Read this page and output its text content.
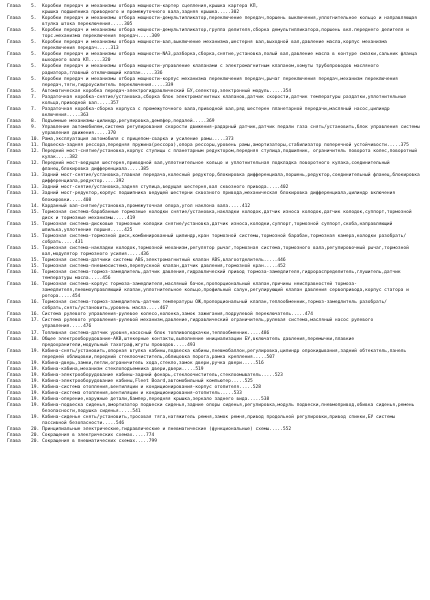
Глава	5.	Коробки передач и механизмы отбора мощности-картер сцепления,крышка картера КП,
крышка подшипника приводного и промежуточного вала,задняя крышка.....302
Глава	5.	Коробки передач и механизмы отбора мощности-демультипликатор,переключение передач,поршень выключения,уплотнительное кольцо и направляющая втулка штока переключения.....305
Глава	5.	Коробки передач и механизмы отбора мощности-демультипликатор,группа делителя,сборка демультипликатора,поршень вкл.переднего делителя и торс.механизма переключения передач.....309
Глава	5.	Коробки передач и механизмы отбора мощности-вал,выключение механизма,шестерня вал,выходной вал,давление масла,корпус механизма переключения передач.....313
Глава	5.	Коробки передач и механизмы отбора мощности-NA3,разборка,сборка,снятие,установка,полый вал,давление масла в контуре смазки,сальник фланца выходного вала КП.....320
Глава	5.	Коробки передач и механизмы отбора мощности-управление клапанами с электромагнитным клапаном,хомуты трубопроводов масляного радиатора,главный отключающий клапан.....336
Глава	5.	Коробки передач и механизмы отбора мощности-корпус механизма переключения передач,рычаг переключения передач,механизм переключения передач,тяги,гидроусилитель переключения.....339
Глава	5.	Автоматическая коробка передач-электрогидравлический БУ,селектор,электронный модуль.....354
Глава	7.	Раздаточная коробка-снятие/установка,сборка блок электромагнитных клапанов,датчик скорости,датчик температуры раздатки,уплотнительные кольца,приводной вал.....357
Глава	7.	Раздаточная коробка-сборка корпуса с промежуточного вала,приводной вал,ряд шестерен планетарной передачи,масляный насос,цилиндр включения.....363
Глава	8.	Подъемные механизмы-цилиндр,регулировка,демпфер,педалей.....369
Глава	9.	Управление автомобилем,система регулирования скорости движения-радарный датчик,датчик педали газа снять/установить,блок управления системы управления движения.....370
Глава	10. Рама,эксплуатация автомобиля с прицепом-сварка и усиление рамы.....373
Глава	11. Подвеска-задняя рессора,передняя пружина(рессора),опора рессоры,уровень рамы,амортизаторы,стабилизатор поперечной устойчивости.....375
Глава	12. Передний мост-снятие/установка,корпус ступицы с планетарным редуктором,передняя ступица,подшипник, ограничитель поворота колес,поворотный кулак.....382
Глава	12. Передний мост-ведущая шестерня,приводной вал,уплотнительное кольцо и уплотнительная подкладка поворотного кулака,соединительный фланец,блокировка дифференциала.....385
Глава	13. Задний мост-снятие/установка,главная передача,колесный редуктор,блокировка дифференциала,поршень,редуктор,соединительный фланец,блокировка дифференциала,редуктор.....392
Глава	13. Задний мост-снятие/установка,задняя ступица,ведущая шестерня,вал сквозного привода.....402
Глава	13. Задний мост-редуктор,корпус подшипника ведущей шестерни сквозного привода,механическая блокировка дифференциала,цилиндр включения блокировки.....408
Глава	14. Карданный вал-снятие/установка,промежуточная опора,угол наклона вала.....412
Глава	15. Тормозная система-барабанные тормозные колодки снятие/установка,накладки колодок,датчик износа колодок,датчик колодок,суппорт,тормозной диск и тормозные механизмы.....419
Глава	15. Тормозная система-дисковые тормозные колодки снятие/установка,датчик износа,колодки,суппорт,тормозной суппорт,скоба,направляющий шпилька,уплотнение поршня.....425
Глава	15. Тормозная система-тормозной диск,комбинированный цилиндр,кран тормозной системы,тормозной барабан,тормозная камера,колодки разобрать/собрать.....431
Глава	15. Тормозная система-накладки колодок,тормозной механизм,регулятор рычаг,тормозная система,тормозного вала,регулировочный рычаг,тормозной вал,модулятор тормозного усилия.....436
Глава	15. Тормозная система-датчики системы ABS,электромагнитный клапан ABS,влагоотделитель.....446
Глава	15. Тормозная система-пневмосистема,перепускной клапан,датчик давления,тормозной кран.....452
Глава	16. Тормозная система-тормоз-замедлитель,датчик давления,гидравлический привод тормоза-замедлителя,гидрораспределитель,глушитель,датчик температуры масла.....456
Глава	16. Тормозная система-корпус тормоза-замедлителя,масляный бачок,пропорциональный клапан,причины неисправностей тормоза-замедлителя,пневмоуправляющий клапан,уплотнительное кольцо,профильный салун,регулирующий клапан давления сервопривода,корпус статора и ротора.....454
Глава	16. Тормозная система-тормоз-замедлитель-датчик температуры ОЖ,пропорциональный клапан,теплообменник,тормоз-замедлитель разобрать/собрать,снять/установить,уровень масла.....467
Глава	16. Система рулевого управления-рулевое колесо,колонка,замок зажигания,подрулевой переключатель.....474
Глава	17. Система рулевого управления-рулевой механизм,давление,гидравлический ограничитель,рулевая система,масляный насос рулевого управления.....476
Глава	17. Топливная система-датчик уровня,насосный блок топливоподкачки,теплообменник.....486
Глава	18. Общее электрооборудование-AKB,штекерные контакты,выполнение инициализации БУ,включатель давления,перемычки,плавкие предохранители,модульный тахограф,жгуты проводов.....493
Глава	19. Кабина-снять/установить,опорная втулка кабины,подвеска кабины,пневмобаллон,регулировка,цилиндр опрокидывания,задний обтекатель,панель передней облицовки,передний стеклоочиститель,облицовка порога,рамка крепления.....507
Глава	19. Кабина-дверь,замки,петли,ограничитель хода,стекло,замок двери,ручка двери.....516
Глава	19. Кабина-кабина,механизм стеклоподъемника двери,двери.....519
Глава	19. Кабина-электрооборудование кабины-задний фонарь,стеклоочиститель,стеклоомыватель.....523
Глава	19. Кабина-электрооборудование кабины,Fleet Board,автомобильный компьютер.....525
Глава	19. Кабина-система отопления,вентиляции и кондиционирования-корпус отопителя.....528
Глава	19. Кабина-система отопления,вентиляции и кондиционирования-отопитель.....533
Глава	19. Кабина-оперение,наружные детали,бампер,передняя крышка,зеркало заднего вида.....538
Глава	19. Кабина-подвеска сиденья,амортизатор подвески сиденья,задние опоры сиденья,регулировка,модуль подвески,пневмопривод,обивка сиденья,ремень безопасности,подушка сиденья.....541
Глава	19. Кабина-сиденье снять/установить,тросовая тяга,натяжитель ремня,замок ремня,привод продольной регулировки,привод спинки,БУ системы пассивной безопасности.....546
Глава	20. Принципиальные электрические,гидравлические и пневматические (функциональные) схемы.....552
Глава	20. Сокращения в электрических схемах.....774
Глава	20. Сокращения в пневматических схемах.....799
